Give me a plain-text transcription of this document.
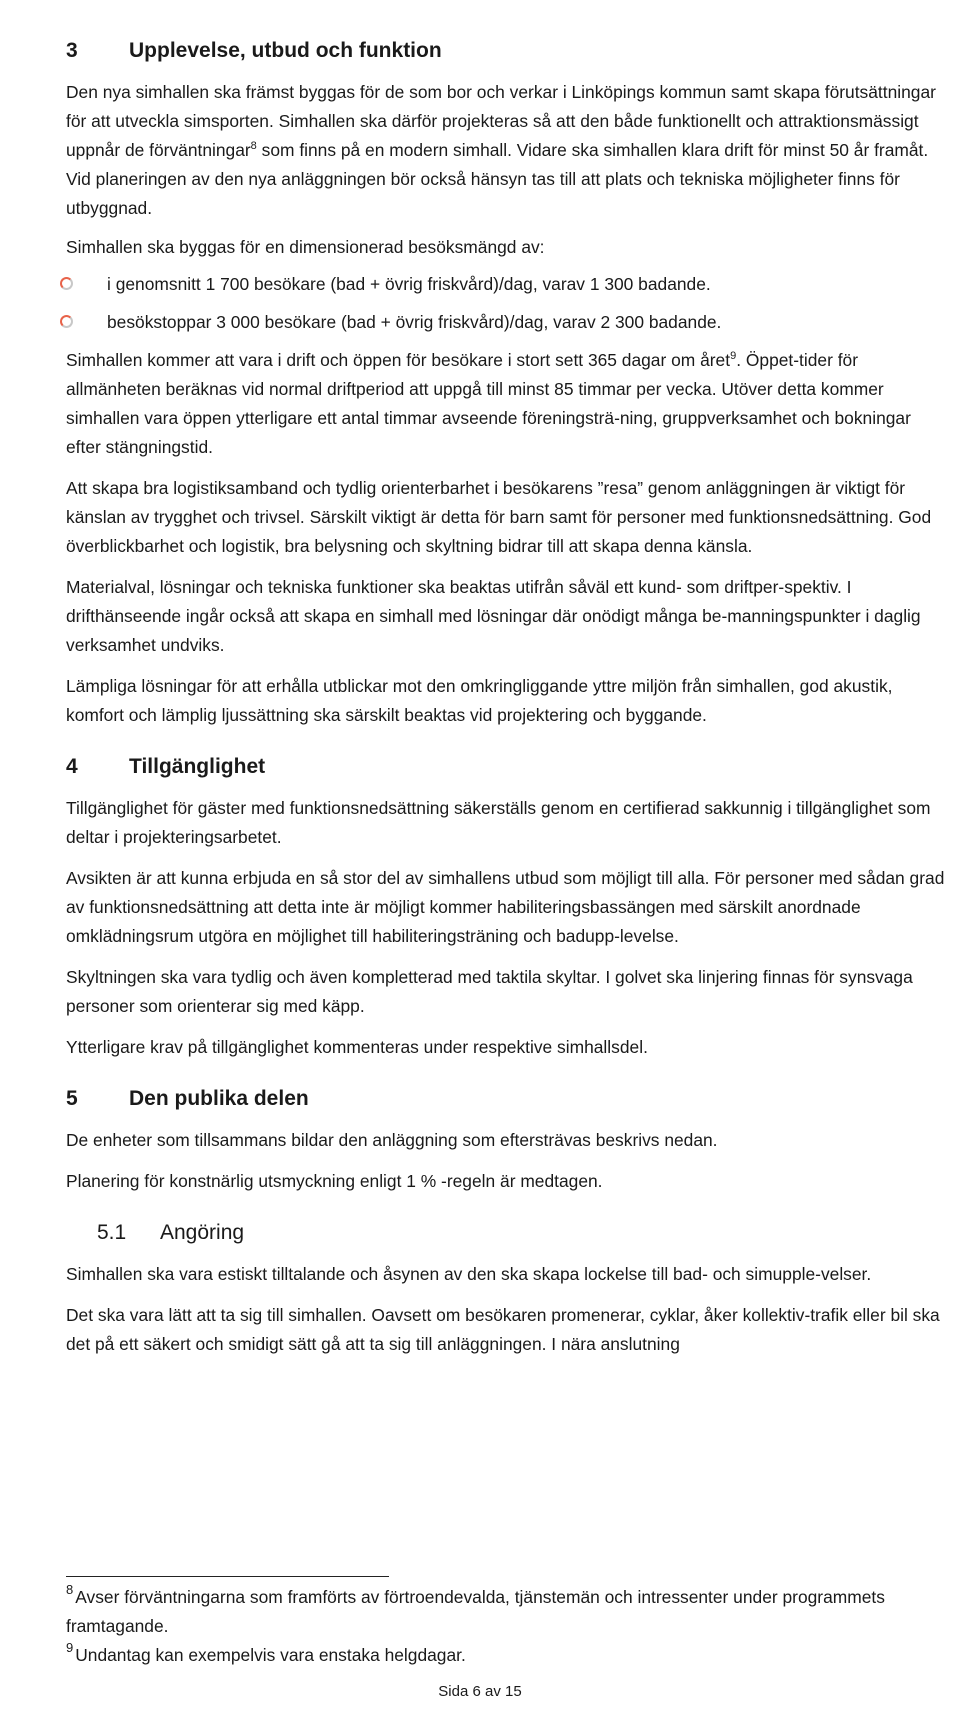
3 Upplevelse, utbud och funktion

Den nya simhallen ska främst byggas för de som bor och verkar i Linköpings kommun samt skapa förutsättningar för att utveckla simsporten. Simhallen ska därför projekteras så att den både funktionellt och attraktionsmässigt uppnår de förväntningar$^8$ som finns på en modern simhall. Vidare ska simhallen klara drift för minst 50 år framåt. Vid planeringen av den nya anläggningen bör också hänsyn tas till att plats och tekniska möjligheter finns för utbyggnad.

Simhallen ska byggas för en dimensionerad besöksmängd av:

i genomsnitt 1 700 besökare (bad + övrig friskvård)/dag, varav 1 300 badande.
besökstoppar 3 000 besökare (bad + övrig friskvård)/dag, varav 2 300 badande.

Simhallen kommer att vara i drift och öppen för besökare i stort sett 365 dagar om året$^9$. Öppet-tider för allmänheten beräknas vid normal driftperiod att uppgå till minst 85 timmar per vecka. Utöver detta kommer simhallen vara öppen ytterligare ett antal timmar avseende föreningsträ-ning, gruppverksamhet och bokningar efter stängningstid.

Att skapa bra logistiksamband och tydlig orienterbarhet i besökarens ”resa” genom anläggningen är viktigt för känslan av trygghet och trivsel. Särskilt viktigt är detta för barn samt för personer med funktionsnedsättning. God överblickbarhet och logistik, bra belysning och skyltning bidrar till att skapa denna känsla.

Materialval, lösningar och tekniska funktioner ska beaktas utifrån såväl ett kund- som driftper-spektiv. I drifthänseende ingår också att skapa en simhall med lösningar där onödigt många be-manningspunkter i daglig verksamhet undviks.

Lämpliga lösningar för att erhålla utblickar mot den omkringliggande yttre miljön från simhallen, god akustik, komfort och lämplig ljussättning ska särskilt beaktas vid projektering och byggande.

4 Tillgänglighet

Tillgänglighet för gäster med funktionsnedsättning säkerställs genom en certifierad sakkunnig i tillgänglighet som deltar i projekteringsarbetet.

Avsikten är att kunna erbjuda en så stor del av simhallens utbud som möjligt till alla. För personer med sådan grad av funktionsnedsättning att detta inte är möjligt kommer habiliteringsbassängen med särskilt anordnade omklädningsrum utgöra en möjlighet till habiliteringsträning och badupp-levelse.

Skyltningen ska vara tydlig och även kompletterad med taktila skyltar. I golvet ska linjering finnas för synsvaga personer som orienterar sig med käpp.

Ytterligare krav på tillgänglighet kommenteras under respektive simhallsdel.

5 Den publika delen

De enheter som tillsammans bildar den anläggning som eftersträvas beskrivs nedan.

Planering för konstnärlig utsmyckning enligt 1 % -regeln är medtagen.

5.1 Angöring

Simhallen ska vara estiskt tilltalande och åsynen av den ska skapa lockelse till bad- och simupple-velser.

Det ska vara lätt att ta sig till simhallen. Oavsett om besökaren promenerar, cyklar, åker kollektiv-trafik eller bil ska det på ett säkert och smidigt sätt gå att ta sig till anläggningen. I nära anslutning

$^8$ Avser förväntningarna som framförts av förtroendevalda, tjänstemän och intressenter under programmets framtagande.

$^9$ Undantag kan exempelvis vara enstaka helgdagar.

Sida 6 av 15
